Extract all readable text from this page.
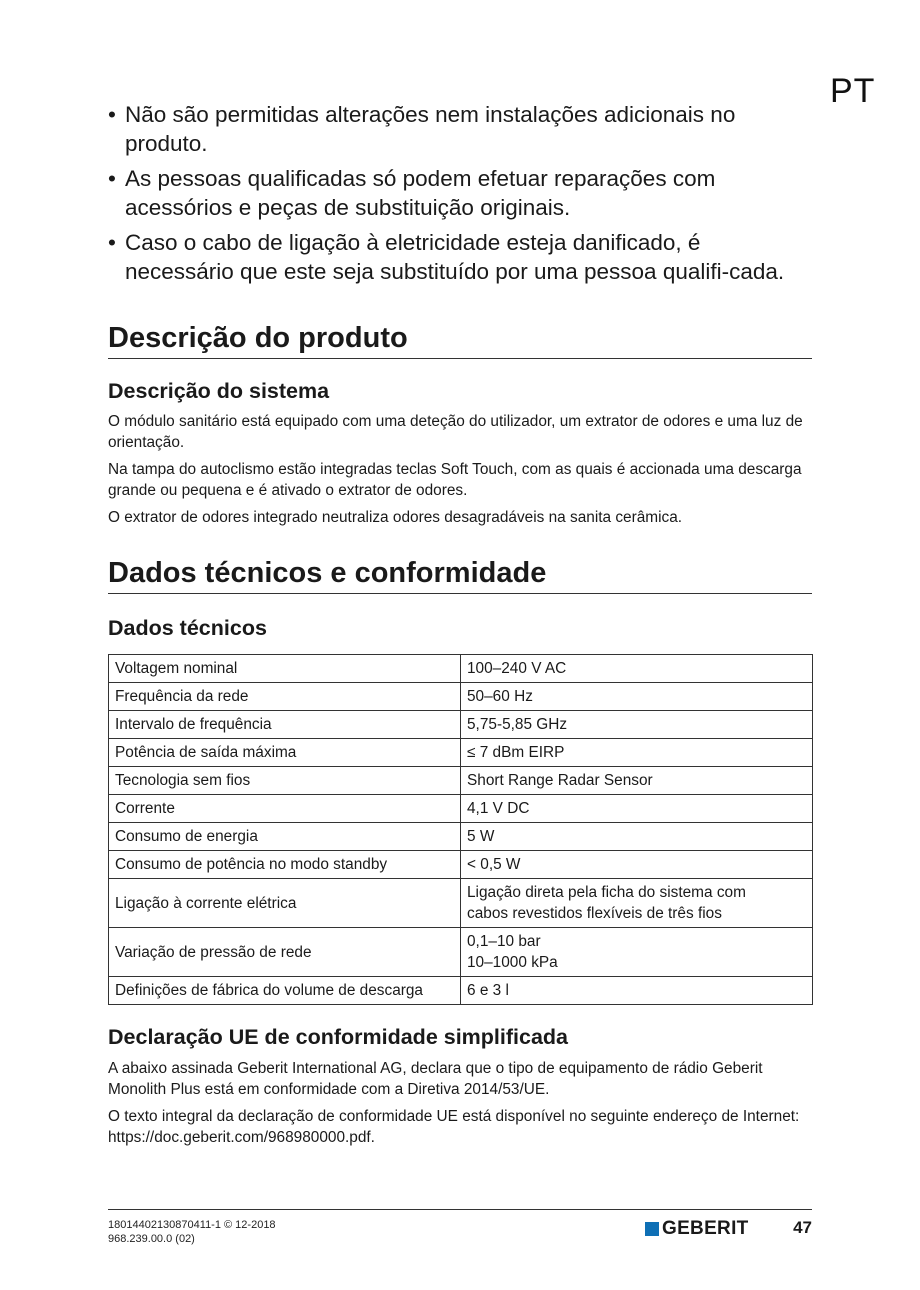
PT
• Não são permitidas alterações nem instalações adicionais no produto.
• As pessoas qualificadas só podem efetuar reparações com acessórios e peças de substituição originais.
• Caso o cabo de ligação à eletricidade esteja danificado, é necessário que este seja substituído por uma pessoa qualifi-cada.
Descrição do produto
Descrição do sistema

O módulo sanitário está equipado com uma deteção do utilizador, um extrator de odores e uma luz de orientação.

Na tampa do autoclismo estão integradas teclas Soft Touch, com as quais é accionada uma descarga grande ou pequena e é ativado o extrator de odores.

O extrator de odores integrado neutraliza odores desagradáveis na sanita cerâmica.

Dados técnicos e conformidade
Dados técnicos
Voltagem nominal	100–240 V AC
Frequência da rede	50–60 Hz
Intervalo de frequência	5,75-5,85 GHz
Potência de saída máxima	≤ 7 dBm EIRP
Tecnologia sem fios	Short Range Radar Sensor
Corrente	4,1 V DC
Consumo de energia	5 W
Consumo de potência no modo standby	< 0,5 W
Ligação à corrente elétrica	Ligação direta pela ficha do sistema com
cabos revestidos flexíveis de três fios

Variação de pressão de rede	0,1–10 bar
10–1000 kPa

Definições de fábrica do volume de descarga	6 e 3 l
Declaração UE de conformidade simplificada

A abaixo assinada Geberit International AG, declara que o tipo de equipamento de rádio Geberit Monolith Plus está em conformidade com a Diretiva 2014/53/UE.

O texto integral da declaração de conformidade UE está disponível no seguinte endereço de Internet: https://doc.geberit.com/968980000.pdf.

18014402130870411-1 © 12-2018
968.239.00.0 (02)	GEBERIT	47
